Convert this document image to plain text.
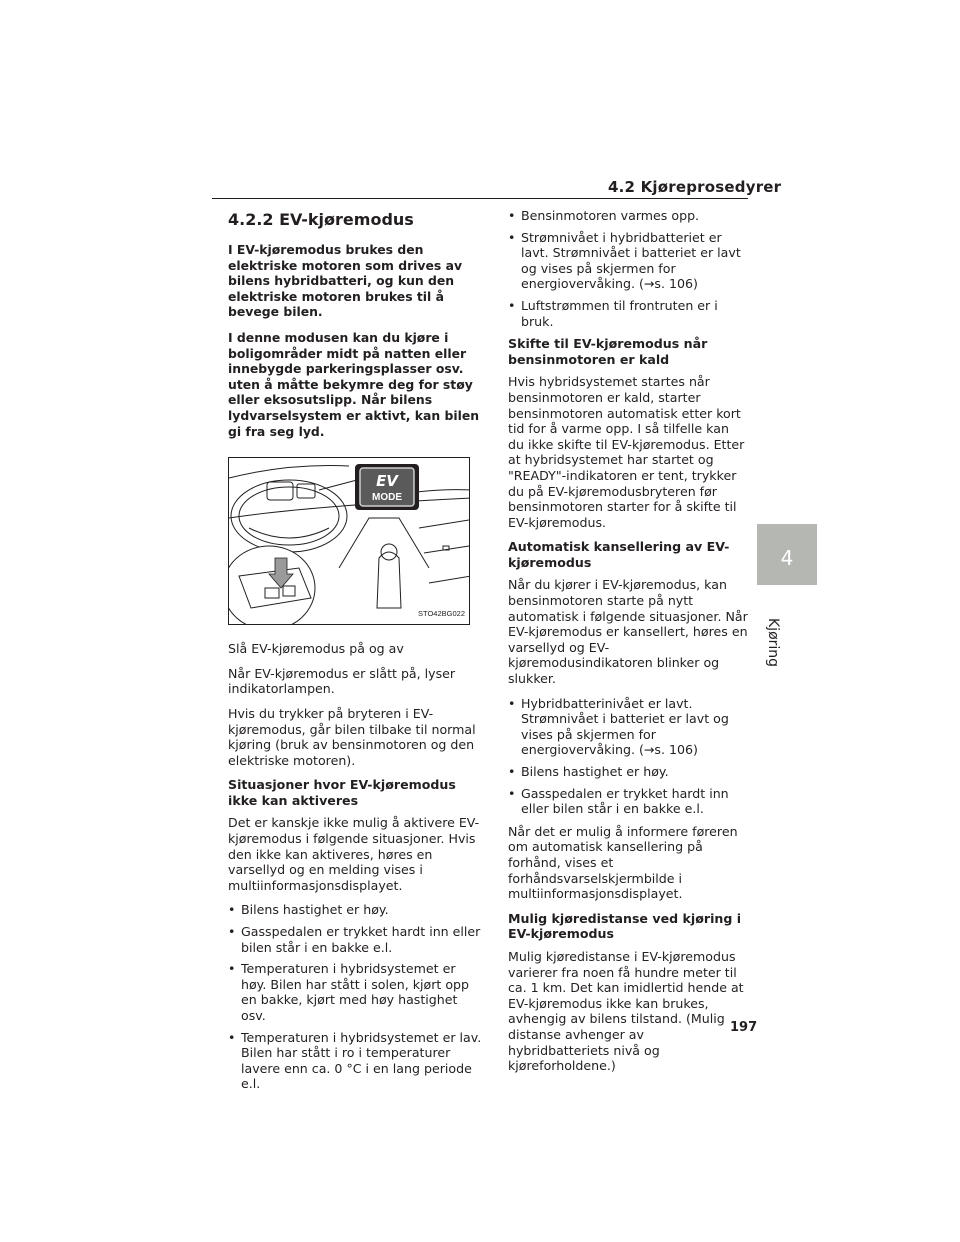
4.2 Kjøreprosedyrer
4.2.2 EV-kjøremodus

I EV-kjøremodus brukes den elektriske motoren som drives av bilens hybridbatteri, og kun den elektriske motoren brukes til å bevege bilen.

I denne modusen kan du kjøre i boligområder midt på natten eller innebygde parkeringsplasser osv. uten å måtte bekymre deg for støy eller eksosutslipp. Når bilens lydvarselsystem er aktivt, kan bilen gi fra seg lyd.

EV
MODE
STO42BG022

Slå EV-kjøremodus på og av

Når EV-kjøremodus er slått på, lyser indikatorlampen.

Hvis du trykker på bryteren i EV-kjøremodus, går bilen tilbake til normal kjøring (bruk av bensinmotoren og den elektriske motoren).

Situasjoner hvor EV-kjøremodus ikke kan aktiveres

Det er kanskje ikke mulig å aktivere EV-kjøremodus i følgende situasjoner. Hvis den ikke kan aktiveres, høres en varsellyd og en melding vises i multiinformasjonsdisplayet.

• Bilens hastighet er høy.
• Gasspedalen er trykket hardt inn eller bilen står i en bakke e.l.
• Temperaturen i hybridsystemet er høy. Bilen har stått i solen, kjørt opp en bakke, kjørt med høy hastighet osv.
• Temperaturen i hybridsystemet er lav. Bilen har stått i ro i temperaturer lavere enn ca. 0 °C i en lang periode e.l.
• Bensinmotoren varmes opp.
• Strømnivået i hybridbatteriet er lavt. Strømnivået i batteriet er lavt og vises på skjermen for energiovervåking. (→s. 106)
• Luftstrømmen til frontruten er i bruk.
Skifte til EV-kjøremodus når bensinmotoren er kald

Hvis hybridsystemet startes når bensinmotoren er kald, starter bensinmotoren automatisk etter kort tid for å varme opp. I så tilfelle kan du ikke skifte til EV-kjøremodus. Etter at hybridsystemet har startet og "READY"-indikatoren er tent, trykker du på EV-kjøremodusbryteren før bensinmotoren starter for å skifte til EV-kjøremodus.

Automatisk kansellering av EV-kjøremodus

Når du kjører i EV-kjøremodus, kan bensinmotoren starte på nytt automatisk i følgende situasjoner. Når EV-kjøremodus er kansellert, høres en varsellyd og EV-kjøremodusindikatoren blinker og slukker.

• Hybridbatterinivået er lavt. Strømnivået i batteriet er lavt og vises på skjermen for energiovervåking. (→s. 106)
• Bilens hastighet er høy.
• Gasspedalen er trykket hardt inn eller bilen står i en bakke e.l.

Når det er mulig å informere føreren om automatisk kansellering på forhånd, vises et forhåndsvarselskjermbilde i multiinformasjonsdisplayet.

Mulig kjøredistanse ved kjøring i EV-kjøremodus

Mulig kjøredistanse i EV-kjøremodus varierer fra noen få hundre meter til ca. 1 km. Det kan imidlertid hende at EV-kjøremodus ikke kan brukes, avhengig av bilens tilstand. (Mulig distanse avhenger av hybridbatteriets nivå og kjøreforholdene.)

4
Kjøring
197
